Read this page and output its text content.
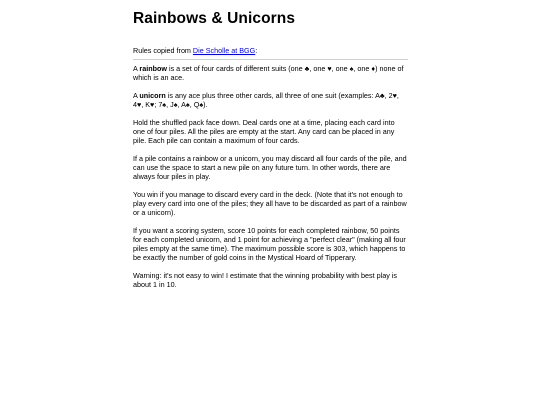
Rainbows & Unicorns
Rules copied from Die Scholle at BGG:

A rainbow is a set of four cards of different suits (one ♣, one ♥, one ♠, one ♦) none of which is an ace.

A unicorn is any ace plus three other cards, all three of one suit (examples: A♣, 2♥, 4♥, K♥; 7♠, J♠, A♠, Q♠).

Hold the shuffled pack face down. Deal cards one at a time, placing each card into one of four piles. All the piles are empty at the start. Any card can be placed in any pile. Each pile can contain a maximum of four cards.

If a pile contains a rainbow or a unicorn, you may discard all four cards of the pile, and can use the space to start a new pile on any future turn. In other words, there are always four piles in play.

You win if you manage to discard every card in the deck. (Note that it's not enough to play every card into one of the piles; they all have to be discarded as part of a rainbow or a unicorn).

If you want a scoring system, score 10 points for each completed rainbow, 50 points for each completed unicorn, and 1 point for achieving a "perfect clear" (making all four piles empty at the same time). The maximum possible score is 303, which happens to be exactly the number of gold coins in the Mystical Hoard of Tipperary.

Warning: it's not easy to win! I estimate that the winning probability with best play is about 1 in 10.
